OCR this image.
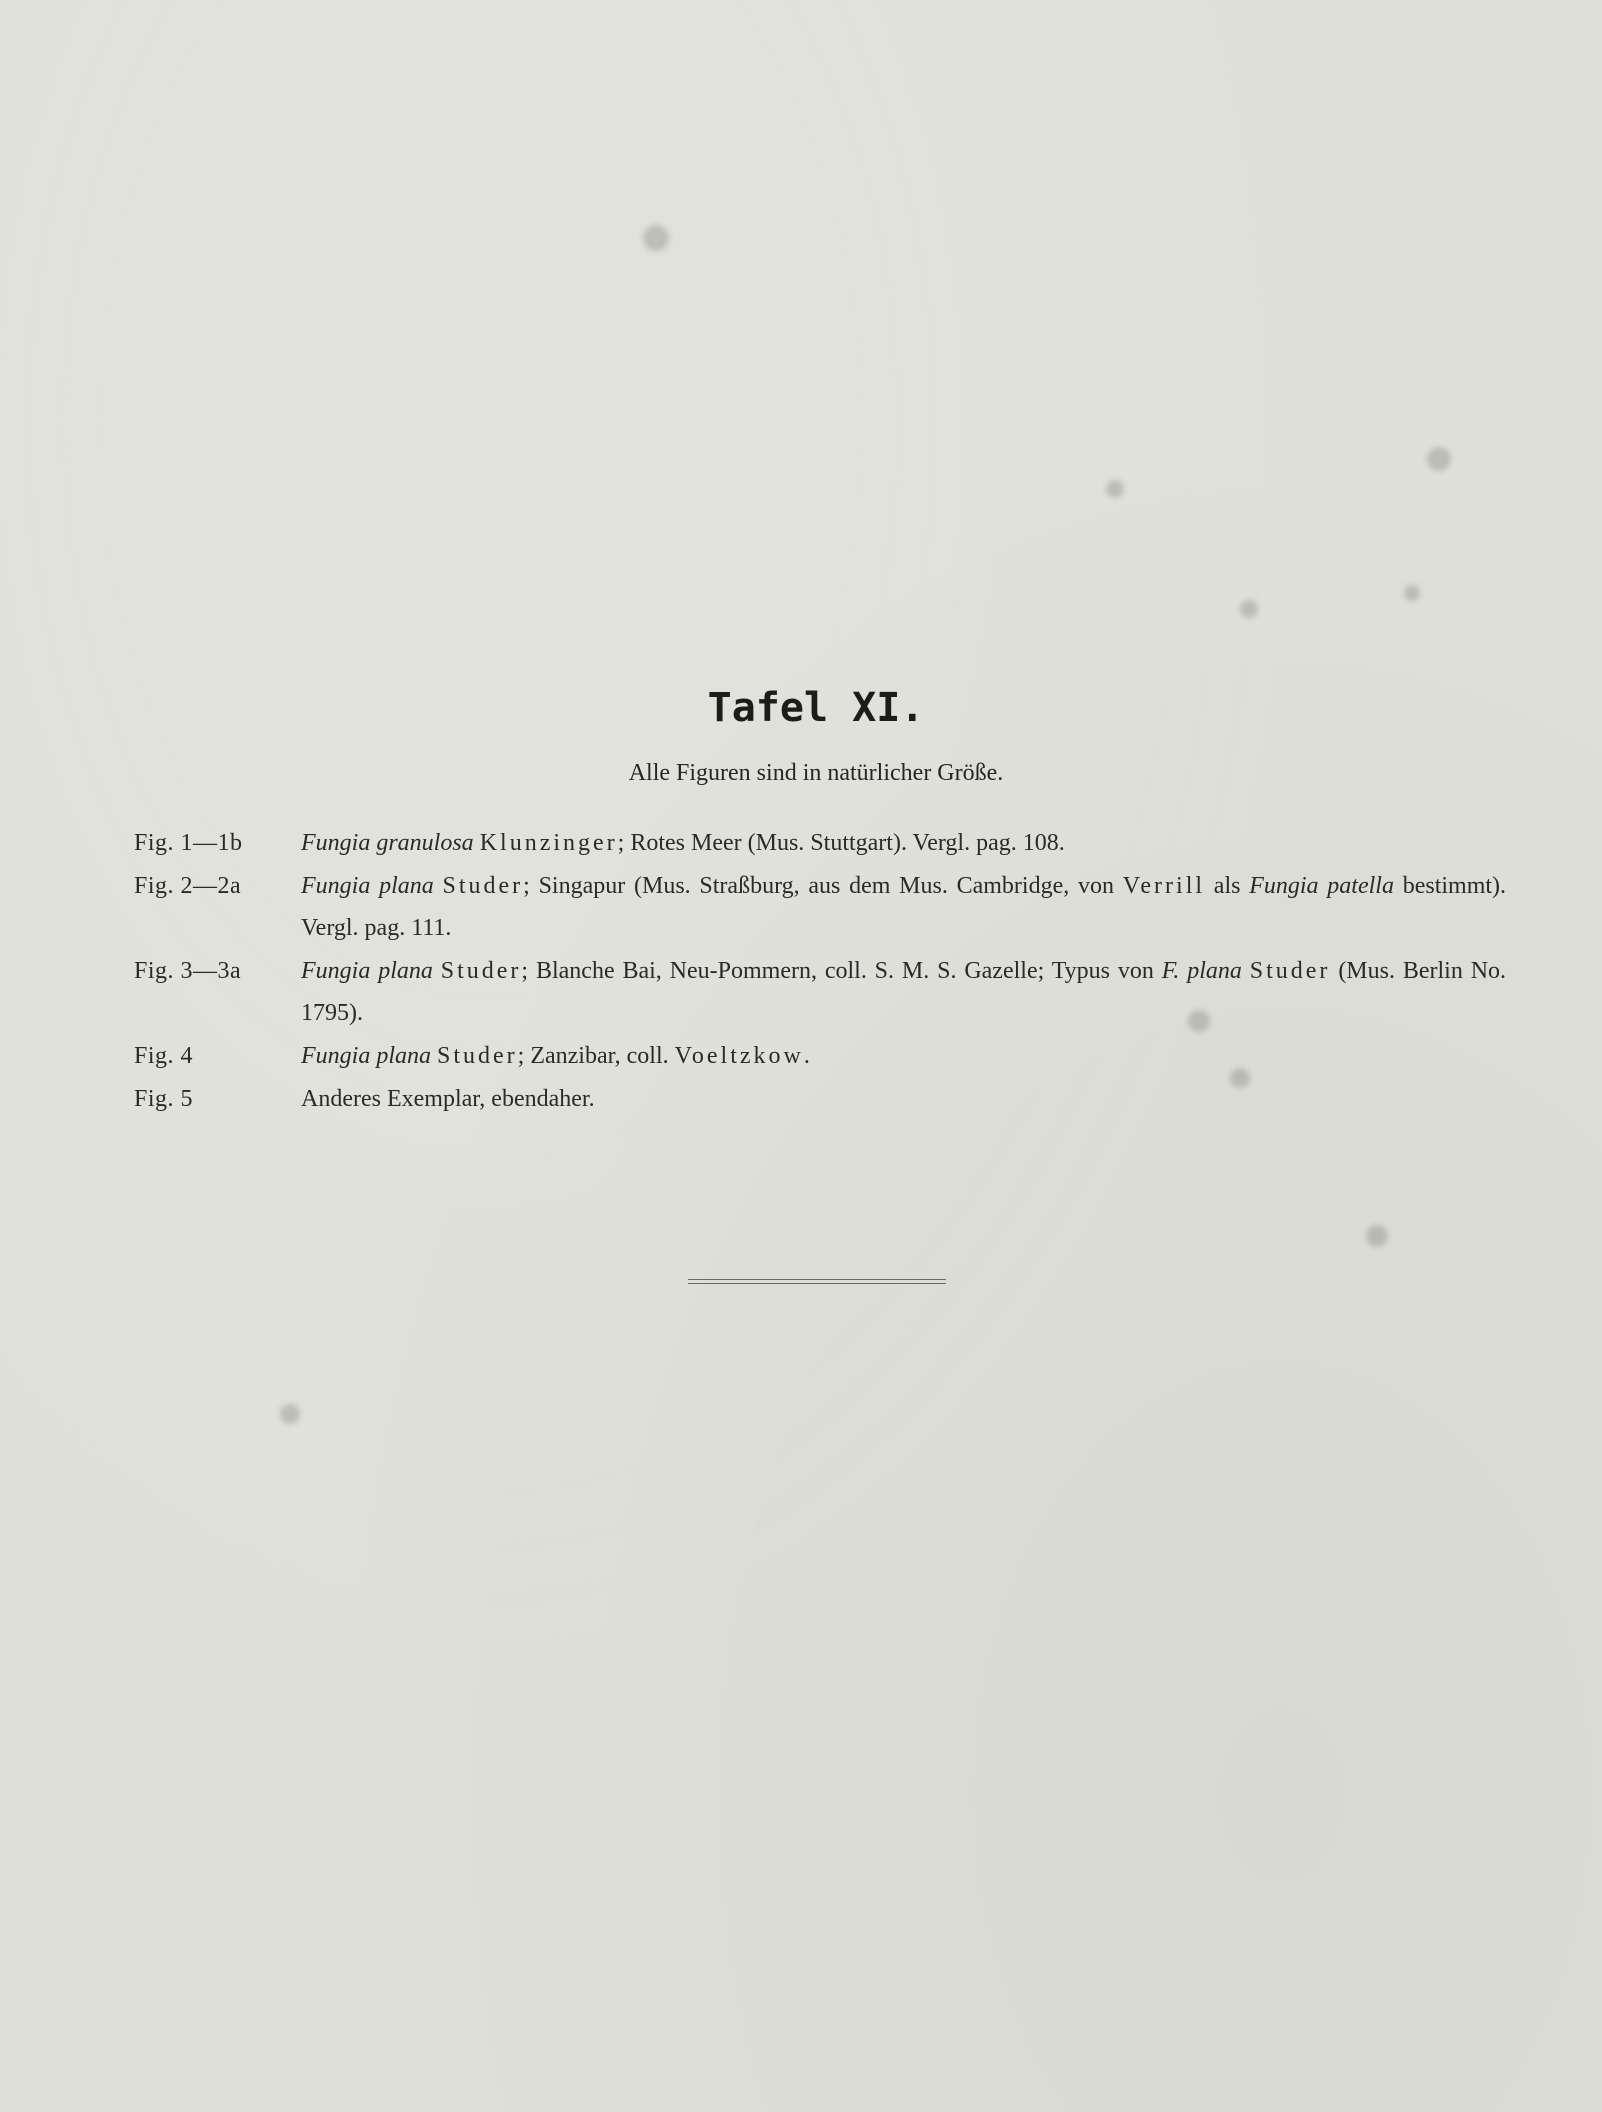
Tafel XI.
Alle Figuren sind in natürlicher Größe.
Fig. 1—1b	Fungia granulosa Klunzinger; Rotes Meer (Mus. Stuttgart). Vergl. pag. 108.
Fig. 2—2a	Fungia plana Studer; Singapur (Mus. Straßburg, aus dem Mus. Cambridge, von Verrill als Fungia patella bestimmt). Vergl. pag. 111.
Fig. 3—3a	Fungia plana Studer; Blanche Bai, Neu-Pommern, coll. S. M. S. Gazelle; Typus von F. plana Studer (Mus. Berlin No. 1795).
Fig. 4	Fungia plana Studer; Zanzibar, coll. Voeltzkow.
Fig. 5	Anderes Exemplar, ebendaher.
